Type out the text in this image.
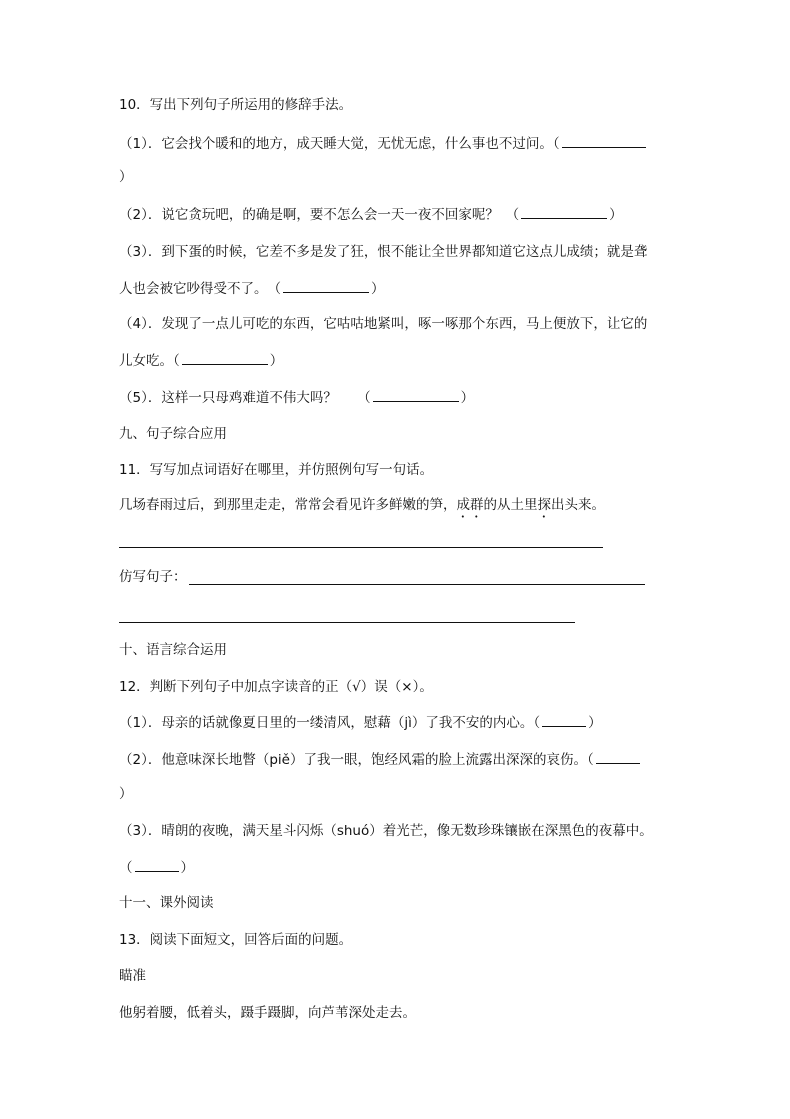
10．写出下列句子所运用的修辞手法。
（1）．它会找个暖和的地方，成天睡大觉，无忧无虑，什么事也不过问。（
）
（2）．说它贪玩吧，的确是啊，要不怎么会一天一夜不回家呢？　（	）
（3）．到下蛋的时候，它差不多是发了狂，恨不能让全世界都知道它这点儿成绩；就是聋
人也会被它吵得受不了。　（	）
（4）．发现了一点儿可吃的东西，它咕咕地紧叫，啄一啄那个东西，马上便放下，让它的
儿女吃。（	）
（5）．这样一只母鸡难道不伟大吗？　　（	）
九、句子综合应用
11．写写加点词语好在哪里，并仿照例句写一句话。
几场春雨过后，到那里走走，常常会看见许多鲜嫩的笋，成群的从土里探出头来。
仿写句子：
十、语言综合运用
12．判断下列句子中加点字读音的正（√）误（×）。
（1）．母亲的话就像夏日里的一缕清风，慰藉（jì）了我不安的内心。（	）
（2）．他意味深长地瞥（piě）了我一眼，饱经风霜的脸上流露出深深的哀伤。（
）
（3）．晴朗的夜晚，满天星斗闪烁（shuó）着光芒，像无数珍珠镶嵌在深黑色的夜幕中。
（	）
十一、课外阅读
13．阅读下面短文，回答后面的问题。
瞄准
他躬着腰，低着头，蹑手蹑脚，向芦苇深处走去。
